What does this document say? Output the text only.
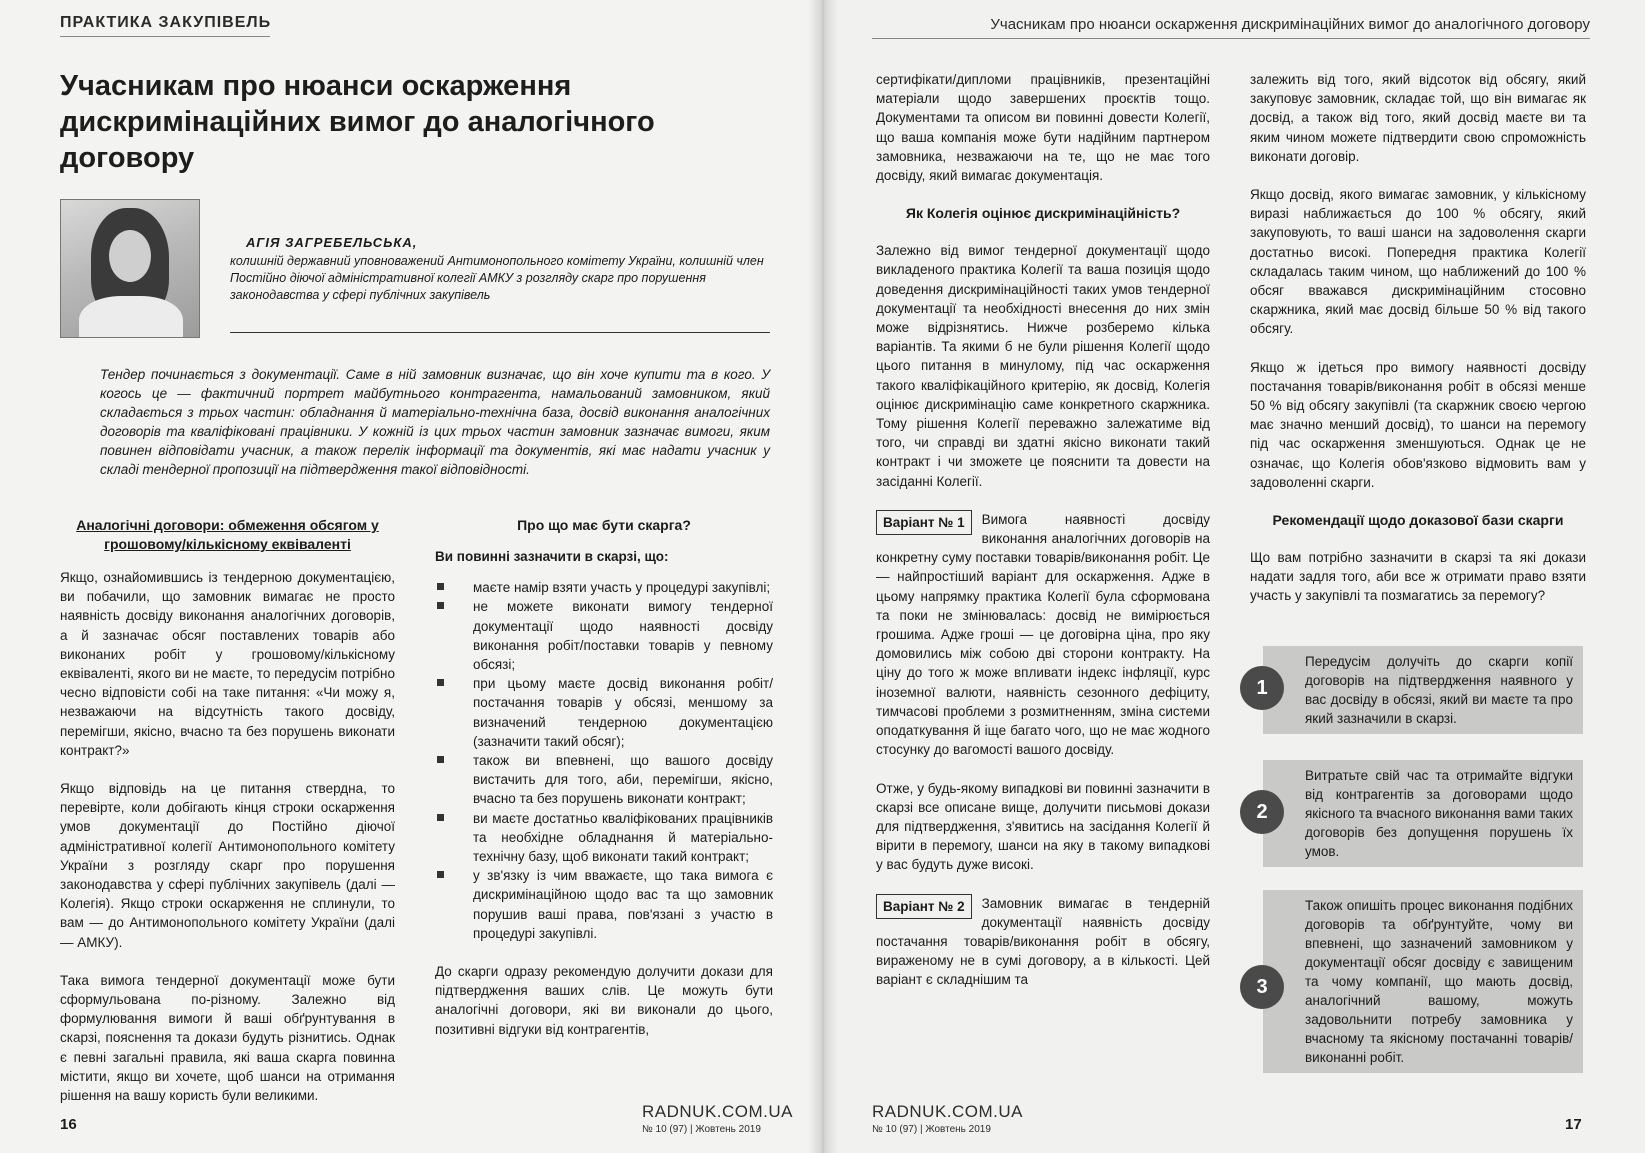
ПРАКТИКА ЗАКУПІВЕЛЬ
Учасникам про нюанси оскарження дискримінаційних вимог до аналогічного договору
АГІЯ ЗАГРЕБЕЛЬСЬКА,
колишній державний уповноважений Антимонопольного комітету України, колишній член Постійно діючої адміністративної колегії АМКУ з розгляду скарг про порушення законодавства у сфері публічних закупівель
Тендер починається з документації. Саме в ній замовник визначає, що він хоче купити та в кого. У когось це — фактичний портрет майбутнього контрагента, намальований замовником, який складається з трьох частин: обладнання й матеріально-технічна база, досвід виконання аналогічних договорів та кваліфіковані працівники. У кожній із цих трьох частин замовник зазначає вимоги, яким повинен відповідати учасник, а також перелік інформації та документів, які має надати учасник у складі тендерної пропозиції на підтвердження такої відповідності.
Аналогічні договори: обмеження обсягом у грошовому/кількісному еквіваленті

Якщо, ознайомившись із тендерною документацією, ви побачили, що замовник вимагає не просто наявність досвіду виконання аналогічних договорів, а й зазначає обсяг поставлених товарів або виконаних робіт у грошовому/кількісному еквіваленті, якого ви не маєте, то передусім потрібно чесно відповісти собі на таке питання: «Чи можу я, незважаючи на відсутність такого досвіду, перемігши, якісно, вчасно та без порушень виконати контракт?»

Якщо відповідь на це питання ствердна, то перевірте, коли добігають кінця строки оскарження умов документації до Постійно діючої адміністративної колегії Антимонопольного комітету України з розгляду скарг про порушення законодавства у сфері публічних закупівель (далі — Колегія). Якщо строки оскарження не сплинули, то вам — до Антимонопольного комітету України (далі — АМКУ).

Така вимога тендерної документації може бути сформульована по-різному. Залежно від формулювання вимоги й ваші обґрунтування в скарзі, пояснення та докази будуть різнитись. Однак є певні загальні правила, які ваша скарга повинна містити, якщо ви хочете, щоб шанси на отримання рішення на вашу користь були великими.

Про що має бути скарга?
Ви повинні зазначити в скарзі, що:
маєте намір взяти участь у процедурі закупівлі;
не можете виконати вимогу тендерної документації щодо наявності досвіду виконання робіт/поставки товарів у певному обсязі;
при цьому маєте досвід виконання робіт/постачання товарів у обсязі, меншому за визначений тендерною документацією (зазначити такий обсяг);
також ви впевнені, що вашого досвіду вистачить для того, аби, перемігши, якісно, вчасно та без порушень виконати контракт;
ви маєте достатньо кваліфікованих працівників та необхідне обладнання й матеріально-технічну базу, щоб виконати такий контракт;
у зв'язку із чим вважаєте, що така вимога є дискримінаційною щодо вас та що замовник порушив ваші права, пов'язані з участю в процедурі закупівлі.

До скарги одразу рекомендую долучити докази для підтвердження ваших слів. Це можуть бути аналогічні договори, які ви виконали до цього, позитивні відгуки від контрагентів,

RADNUK.COM.UA
№ 10 (97) | Жовтень 2019
16

Учасникам про нюанси оскарження дискримінаційних вимог до аналогічного договору

сертифікати/дипломи працівників, презентаційні матеріали щодо завершених проєктів тощо. Документами та описом ви повинні довести Колегії, що ваша компанія може бути надійним партнером замовника, незважаючи на те, що не має того досвіду, який вимагає документація.

Як Колегія оцінює дискримінаційність?

Залежно від вимог тендерної документації щодо викладеного практика Колегії та ваша позиція щодо доведення дискримінаційності таких умов тендерної документації та необхідності внесення до них змін може відрізнятись. Нижче розберемо кілька варіантів. Та якими б не були рішення Колегії щодо цього питання в минулому, під час оскарження такого кваліфікаційного критерію, як досвід, Колегія оцінює дискримінацію саме конкретного скаржника. Тому рішення Колегії переважно залежатиме від того, чи справді ви здатні якісно виконати такий контракт і чи зможете це пояснити та довести на засіданні Колегії.

Варіант № 1	Вимога наявності досвіду виконання аналогічних договорів на конкретну суму поставки товарів/виконання робіт. Це — найпростіший варіант для оскарження. Адже в цьому напрямку практика Колегії була сформована та поки не змінювалась: досвід не вимірюється грошима. Адже гроші — це договірна ціна, про яку домовились між собою дві сторони контракту. На ціну до того ж може впливати індекс інфляції, курс іноземної валюти, наявність сезонного дефіциту, тимчасові проблеми з розмитненням, зміна системи оподаткування й іще багато чого, що не має жодного стосунку до вагомості вашого досвіду.

Отже, у будь-якому випадкові ви повинні зазначити в скарзі все описане вище, долучити письмові докази для підтвердження, з'явитись на засідання Колегії й вірити в перемогу, шанси на яку в такому випадкові у вас будуть дуже високі.

Варіант № 2	Замовник вимагає в тендерній документації наявність досвіду постачання товарів/виконання робіт в обсягу, вираженому не в сумі договору, а в кількості. Цей варіант є складнішим та

залежить від того, який відсоток від обсягу, який закуповує замовник, складає той, що він вимагає як досвід, а також від того, який досвід маєте ви та яким чином можете підтвердити свою спроможність виконати договір.

Якщо досвід, якого вимагає замовник, у кількісному виразі наближається до 100 % обсягу, який закуповують, то ваші шанси на задоволення скарги достатньо високі. Попередня практика Колегії складалась таким чином, що наближений до 100 % обсяг вважався дискримінаційним стосовно скаржника, який має досвід більше 50 % від такого обсягу.

Якщо ж ідеться про вимогу наявності досвіду постачання товарів/виконання робіт в обсязі менше 50 % від обсягу закупівлі (та скаржник своєю чергою має значно менший досвід), то шанси на перемогу під час оскарження зменшуються. Однак це не означає, що Колегія обов'язково відмовить вам у задоволенні скарги.

Рекомендації щодо доказової бази скарги

Що вам потрібно зазначити в скарзі та які докази надати задля того, аби все ж отримати право взяти участь у закупівлі та позмагатись за перемогу?

Передусім долучіть до скарги копії договорів на підтвердження наявного у вас досвіду в обсязі, який ви маєте та про який зазначили в скарзі.
1
Витратьте свій час та отримайте відгуки від контрагентів за договорами щодо якісного та вчасного виконання вами таких договорів без допущення порушень їх умов.
2
Також опишіть процес виконання подібних договорів та обґрунтуйте, чому ви впевнені, що зазначений замовником у документації обсяг досвіду є завищеним та чому компанії, що мають досвід, аналогічний вашому, можуть задовольнити потребу замовника у вчасному та якісному постачанні товарів/виконанні робіт.
3
RADNUK.COM.UA
№ 10 (97) | Жовтень 2019	17
